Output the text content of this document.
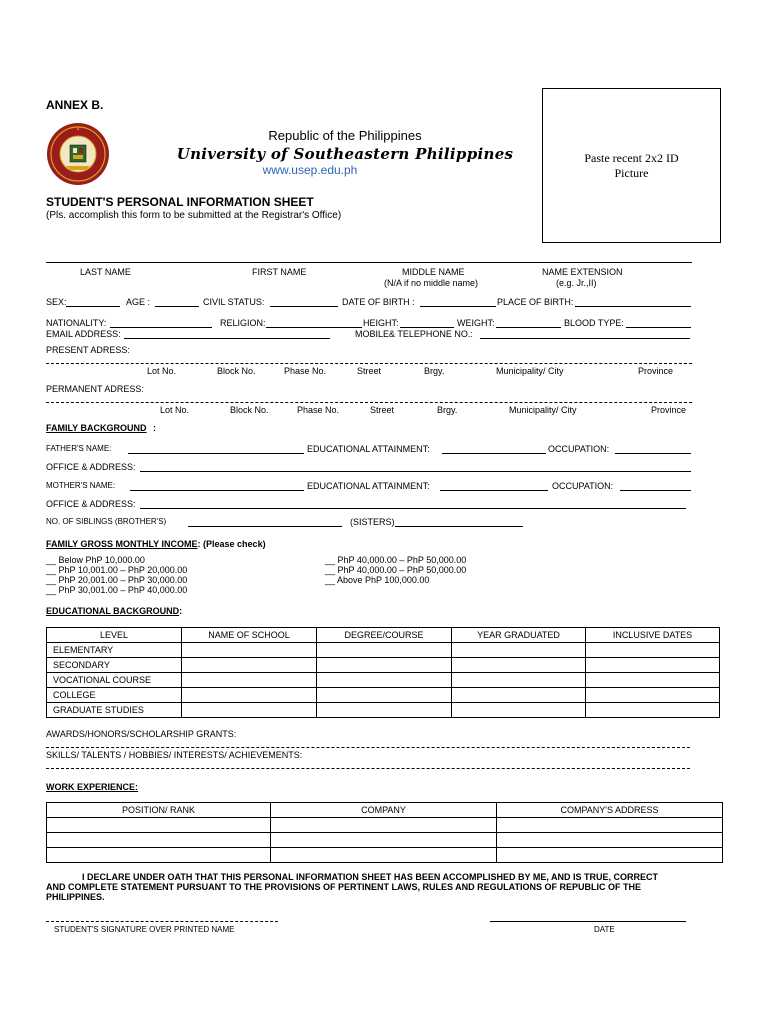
ANNEX B.
Republic of the Philippines
University of Southeastern Philippines
www.usep.edu.ph
STUDENT'S PERSONAL INFORMATION SHEET
(Pls. accomplish this form to be submitted at the Registrar's Office)
Paste recent 2x2 ID
Picture
LAST NAME	FIRST NAME	MIDDLE NAME
(N/A if no middle name)
NAME EXTENSION
(e.g. Jr.,II)
SEX:	AGE :	CIVIL STATUS:	DATE OF BIRTH :	PLACE OF BIRTH:
NATIONALITY:	RELIGION:	HEIGHT:	WEIGHT:	BLOOD TYPE:
EMAIL ADDRESS:	MOBILE& TELEPHONE NO.:
PRESENT ADRESS:
Lot No.	Block No.	Phase No.	Street	Brgy.	Municipality/ City	Province
PERMANENT ADRESS:
Lot No.	Block No.	Phase No.	Street	Brgy.	Municipality/ City	Province
FAMILY BACKGROUND :
FATHER'S NAME:	EDUCATIONAL ATTAINMENT:	OCCUPATION:
OFFICE & ADDRESS:
MOTHER'S NAME:	EDUCATIONAL ATTAINMENT:	OCCUPATION:
OFFICE & ADDRESS:
NO. OF SIBLINGS (BROTHER'S)	(SISTERS)
FAMILY GROSS MONTHLY INCOME: (Please check)
__ Below PhP 10,000.00
__ PhP 10,001.00 – PhP 20,000.00
__ PhP 20,001.00 – PhP 30,000.00
__ PhP 30,001.00 – PhP 40,000.00
__ PhP 40,000.00 – PhP 50,000.00
__ PhP 40,000.00 – PhP 50,000.00
__ Above PhP 100,000.00
EDUCATIONAL BACKGROUND:
LEVEL	NAME OF SCHOOL	DEGREE/COURSE	YEAR GRADUATED	INCLUSIVE DATES
ELEMENTARY				
SECONDARY				
VOCATIONAL COURSE				
COLLEGE				
GRADUATE STUDIES				
AWARDS/HONORS/SCHOLARSHIP GRANTS:
SKILLS/ TALENTS / HOBBIES/ INTERESTS/ ACHIEVEMENTS:
WORK EXPERIENCE:
POSITION/ RANK	COMPANY	COMPANY'S ADDRESS

I DECLARE UNDER OATH THAT THIS PERSONAL INFORMATION SHEET HAS BEEN ACCOMPLISHED BY ME, AND IS TRUE, CORRECT
AND COMPLETE STATEMENT PURSUANT TO THE PROVISIONS OF PERTINENT LAWS, RULES AND REGULATIONS OF REPUBLIC OF THE
PHILIPPINES.
STUDENT'S SIGNATURE OVER PRINTED NAME	DATE
